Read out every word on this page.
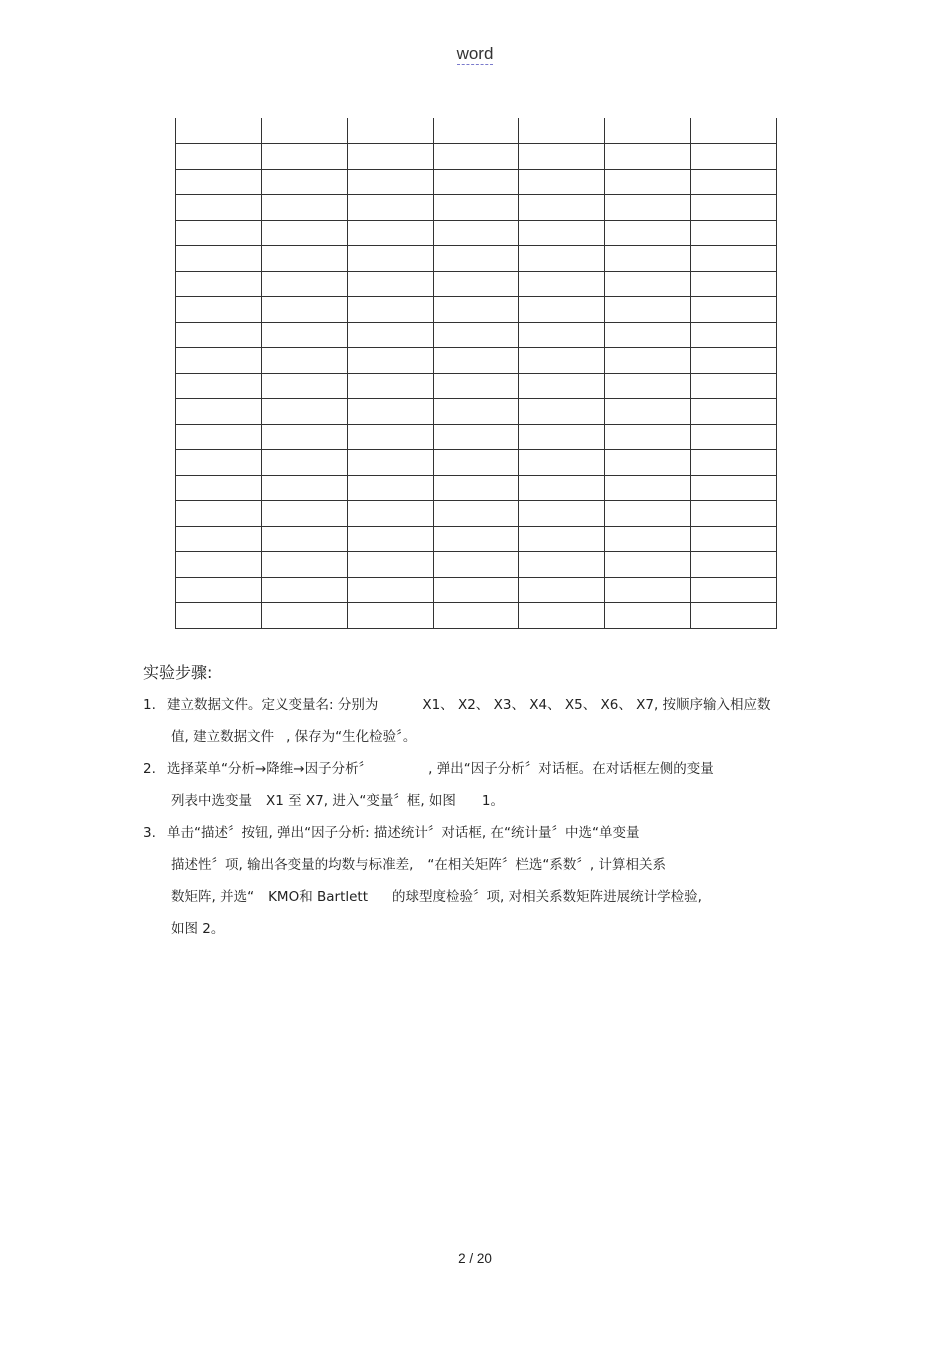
word

实验步骤:
1. 建立数据文件。定义变量名: 分别为	X1、 X2、 X3、 X4、 X5、 X6、 X7, 按顺序输入相应数
值, 建立数据文件 , 保存为“生化检验〞。
2. 选择菜单“分析→降维→因子分析〞	, 弹出“因子分析〞对话框。在对话框左侧的变量
列表中选变量 X1 至 X7, 进入“变量〞框, 如图 1。
3. 单击“描述〞按钮, 弹出“因子分析: 描述统计〞对话框, 在“统计量〞中选“单变量
描述性〞项, 输出各变量的均数与标准差, “在相关矩阵〞栏选“系数〞, 计算相关系
数矩阵, 并选“ KMO和 Bartlett 的球型度检验〞项, 对相关系数矩阵进展统计学检验,
如图 2。
2 / 20
